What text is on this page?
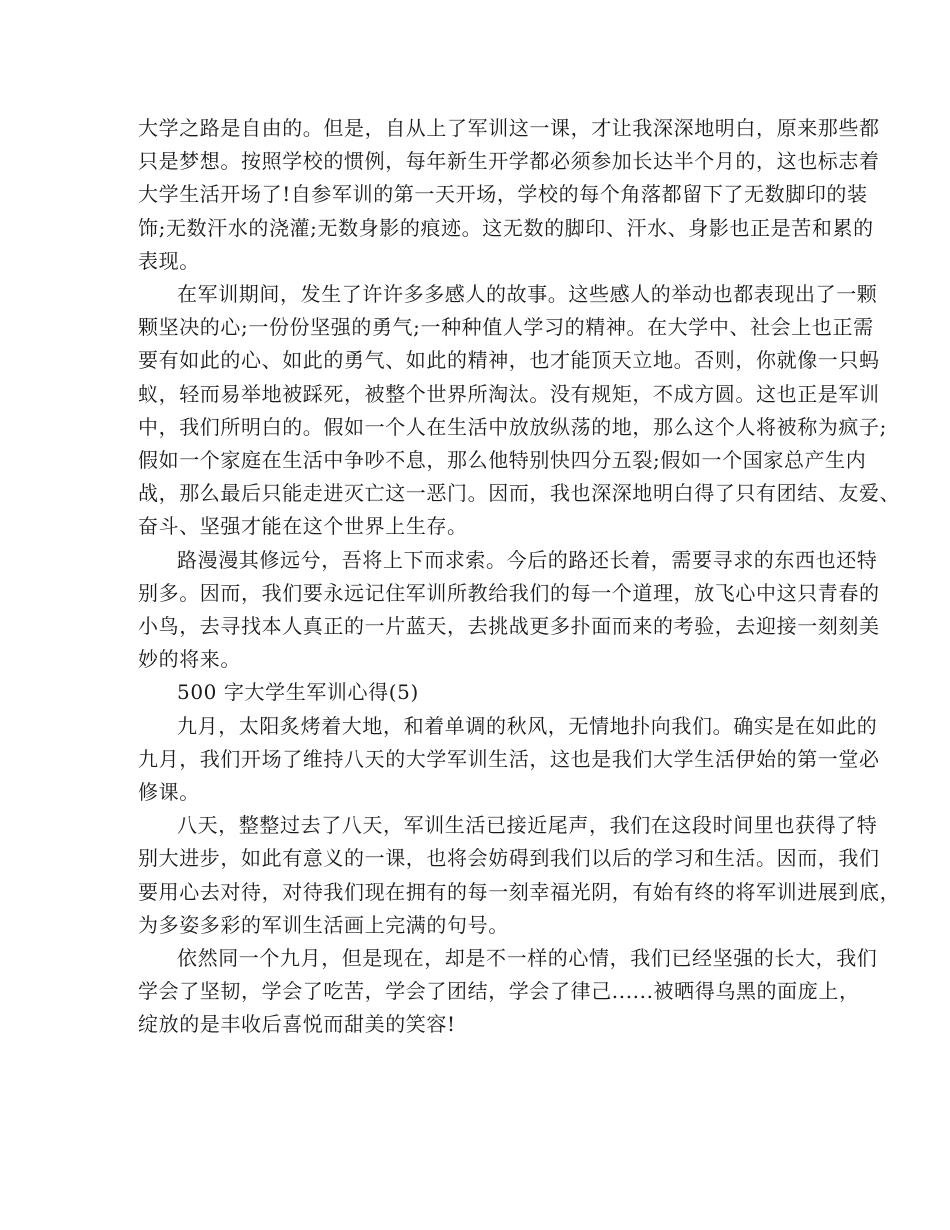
大学之路是自由的。但是，自从上了军训这一课，才让我深深地明白，原来那些都
只是梦想。按照学校的惯例，每年新生开学都必须参加长达半个月的，这也标志着
大学生活开场了!自参军训的第一天开场，学校的每个角落都留下了无数脚印的装
饰;无数汗水的浇灌;无数身影的痕迹。这无数的脚印、汗水、身影也正是苦和累的
表现。
在军训期间，发生了许许多多感人的故事。这些感人的举动也都表现出了一颗
颗坚决的心;一份份坚强的勇气;一种种值人学习的精神。在大学中、社会上也正需
要有如此的心、如此的勇气、如此的精神，也才能顶天立地。否则，你就像一只蚂
蚁，轻而易举地被踩死，被整个世界所淘汰。没有规矩，不成方圆。这也正是军训
中，我们所明白的。假如一个人在生活中放放纵荡的地，那么这个人将被称为疯子;
假如一个家庭在生活中争吵不息，那么他特别快四分五裂;假如一个国家总产生内
战，那么最后只能走进灭亡这一恶门。因而，我也深深地明白得了只有团结、友爱、
奋斗、坚强才能在这个世界上生存。
路漫漫其修远兮，吾将上下而求索。今后的路还长着，需要寻求的东西也还特
别多。因而，我们要永远记住军训所教给我们的每一个道理，放飞心中这只青春的
小鸟，去寻找本人真正的一片蓝天，去挑战更多扑面而来的考验，去迎接一刻刻美
妙的将来。
500 字大学生军训心得(5)
九月，太阳炙烤着大地，和着单调的秋风，无情地扑向我们。确实是在如此的
九月，我们开场了维持八天的大学军训生活，这也是我们大学生活伊始的第一堂必
修课。
八天，整整过去了八天，军训生活已接近尾声，我们在这段时间里也获得了特
别大进步，如此有意义的一课，也将会妨碍到我们以后的学习和生活。因而，我们
要用心去对待，对待我们现在拥有的每一刻幸福光阴，有始有终的将军训进展到底，
为多姿多彩的军训生活画上完满的句号。
依然同一个九月，但是现在，却是不一样的心情，我们已经坚强的长大，我们
学会了坚韧，学会了吃苦，学会了团结，学会了律己......被晒得乌黑的面庞上，
绽放的是丰收后喜悦而甜美的笑容!
